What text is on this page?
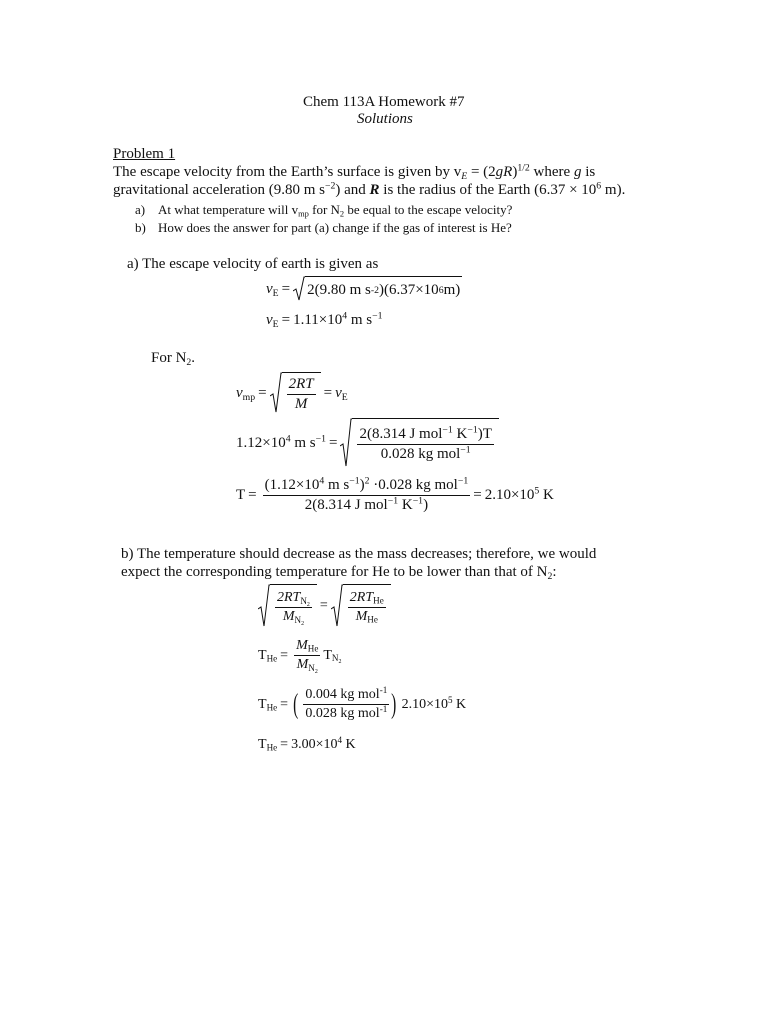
Chem 113A Homework #7
Solutions
Problem 1
The escape velocity from the Earth’s surface is given by $v_E = (2gR)^{1/2}$ where g is
gravitational acceleration (9.80 m $s^{-2}$) and R is the radius of the Earth ($6.37 \times 10^6$ m).
a) At what temperature will $v_{mp}$ for $N_2$ be equal to the escape velocity?
b) How does the answer for part (a) change if the gas of interest is He?
a) The escape velocity of earth is given as
$v_E = 2(9.80$ m s -2 )(6.37×10 6 m)
$v_E = 1.11\times 10^4$ m $s^{-1}$
For $N_2$.
$v_{mp} = \frac{2RT}{M} = v_E$
$1.12\times 10^4$ m $s^{-1} = \frac{2(8.314 J mol^{-1} K^{-1})T}{0.028 kg mol^{-1}}$
$T = \frac{(1.12\times 10^4 m s^{-1})^2 \cdot 0.028 kg mol^{-1}}{2(8.314 J mol^{-1} K^{-1})} = 2.10\times 10^5$ K
b) The temperature should decrease as the mass decreases; therefore, we would
expect the corresponding temperature for He to be lower than that of $N_2$:
$\frac{2RT_{N_2}}{M_{N_2}} = \frac{2RT_{He}}{M_{He}}$
$T_{He} = \frac{M_{He}}{M_{N_2}} T_{N_2}$
$T_{He}$ = ( $\frac{0.004 kg mol^{-1}}{0.028 kg mol^{-1}}$ ) $2.10\times 10^5$ K
$T_{He} = 3.00\times 10^4$ K
